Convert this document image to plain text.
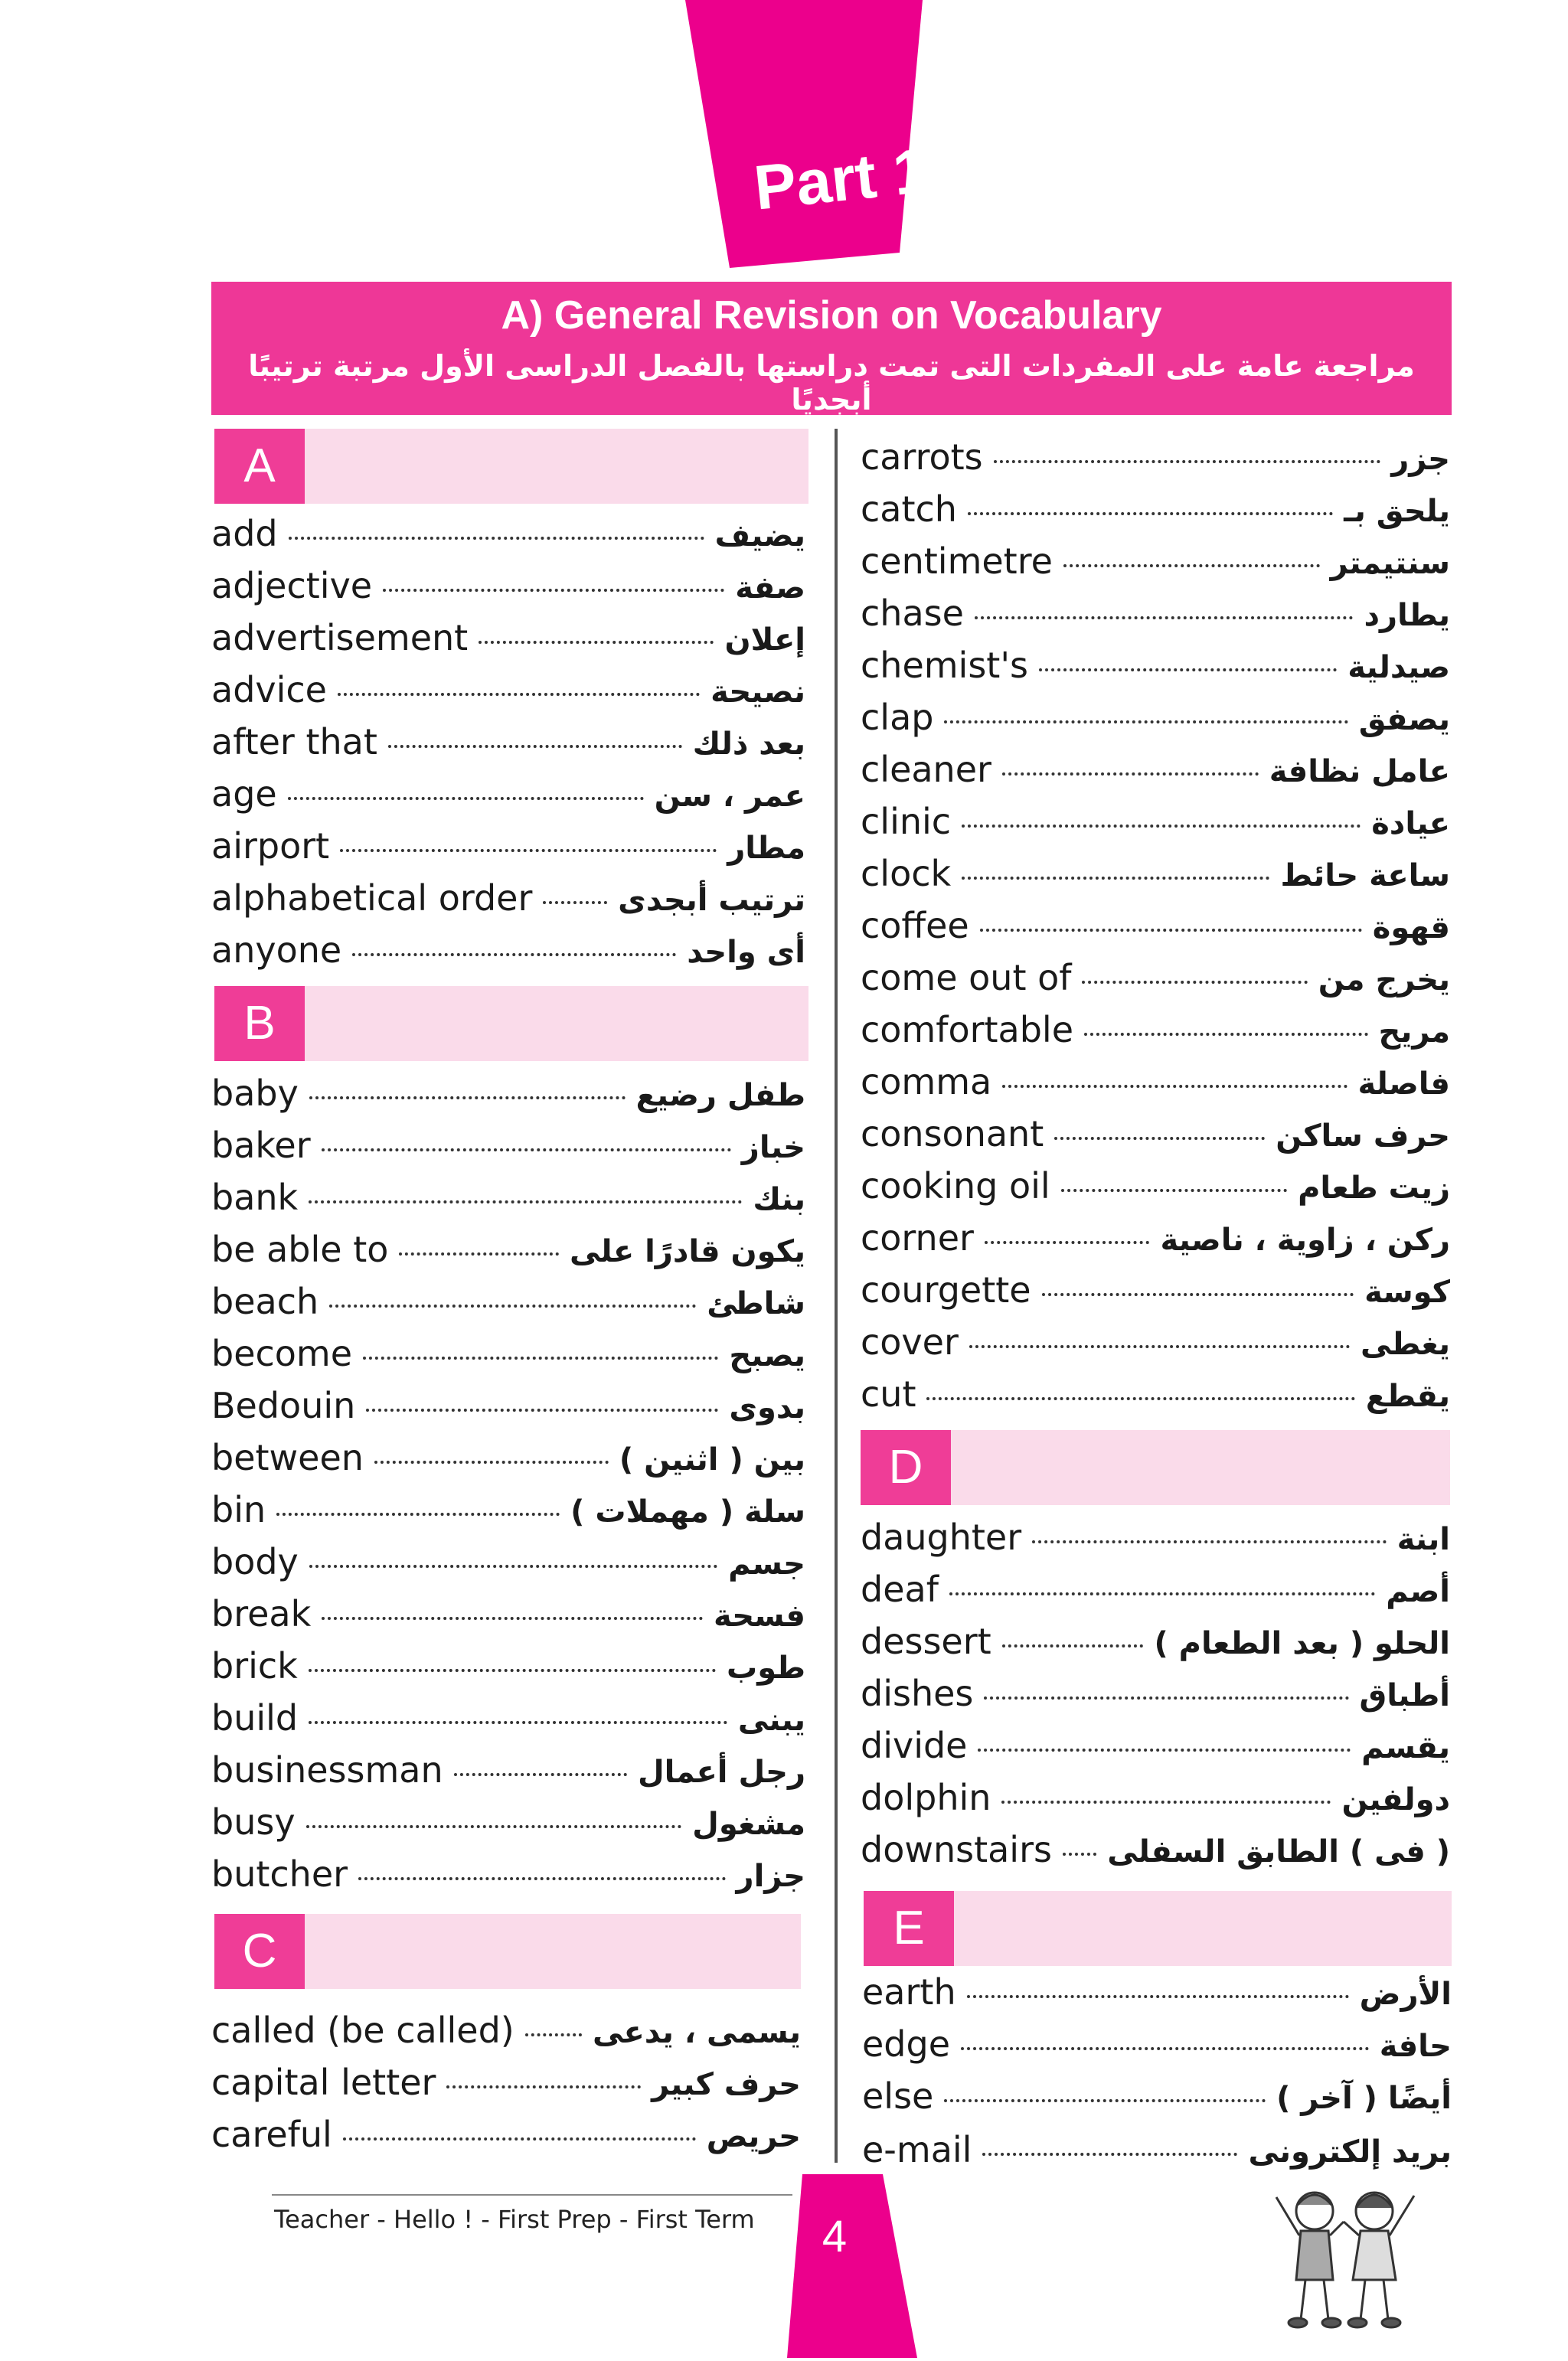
Part 1
A) General Revision on Vocabulary
مراجعة عامة على المفردات التى تمت دراستها بالفصل الدراسى الأول مرتبة ترتيبًا أبجديًا
A
add	يضيف
adjective	صفة
advertisement	إعلان
advice	نصيحة
after that	بعد ذلك
age	عمر ، سن
airport	مطار
alphabetical order	ترتيب أبجدى
anyone	أى واحد
B
baby	طفل رضيع
baker	خباز
bank	بنك
be able to	يكون قادرًا على
beach	شاطئ
become	يصبح
Bedouin	بدوى
between	بين ( اثنين )
bin	سلة ( مهملات )
body	جسم
break	فسحة
brick	طوب
build	يبنى
businessman	رجل أعمال
busy	مشغول
butcher	جزار
C
called (be called)	يسمى ، يدعى
capital letter	حرف كبير
careful	حريص
carrots	جزر
catch	يلحق بـ
centimetre	سنتيمتر
chase	يطارد
chemist's	صيدلية
clap	يصفق
cleaner	عامل نظافة
clinic	عيادة
clock	ساعة حائط
coffee	قهوة
come out of	يخرج من
comfortable	مريح
comma	فاصلة
consonant	حرف ساكن
cooking oil	زيت طعام
corner	ركن ، زاوية ، ناصية
courgette	كوسة
cover	يغطى
cut	يقطع
D
daughter	ابنة
deaf	أصم
dessert	الحلو ( بعد الطعام )
dishes	أطباق
divide	يقسم
dolphin	دولفين
downstairs ( فى ) الطابق السفلى
E
earth	الأرض
edge	حافة
else	أيضًا ( آخر )
e-mail	بريد إلكترونى
Teacher - Hello ! - First Prep - First Term	4
